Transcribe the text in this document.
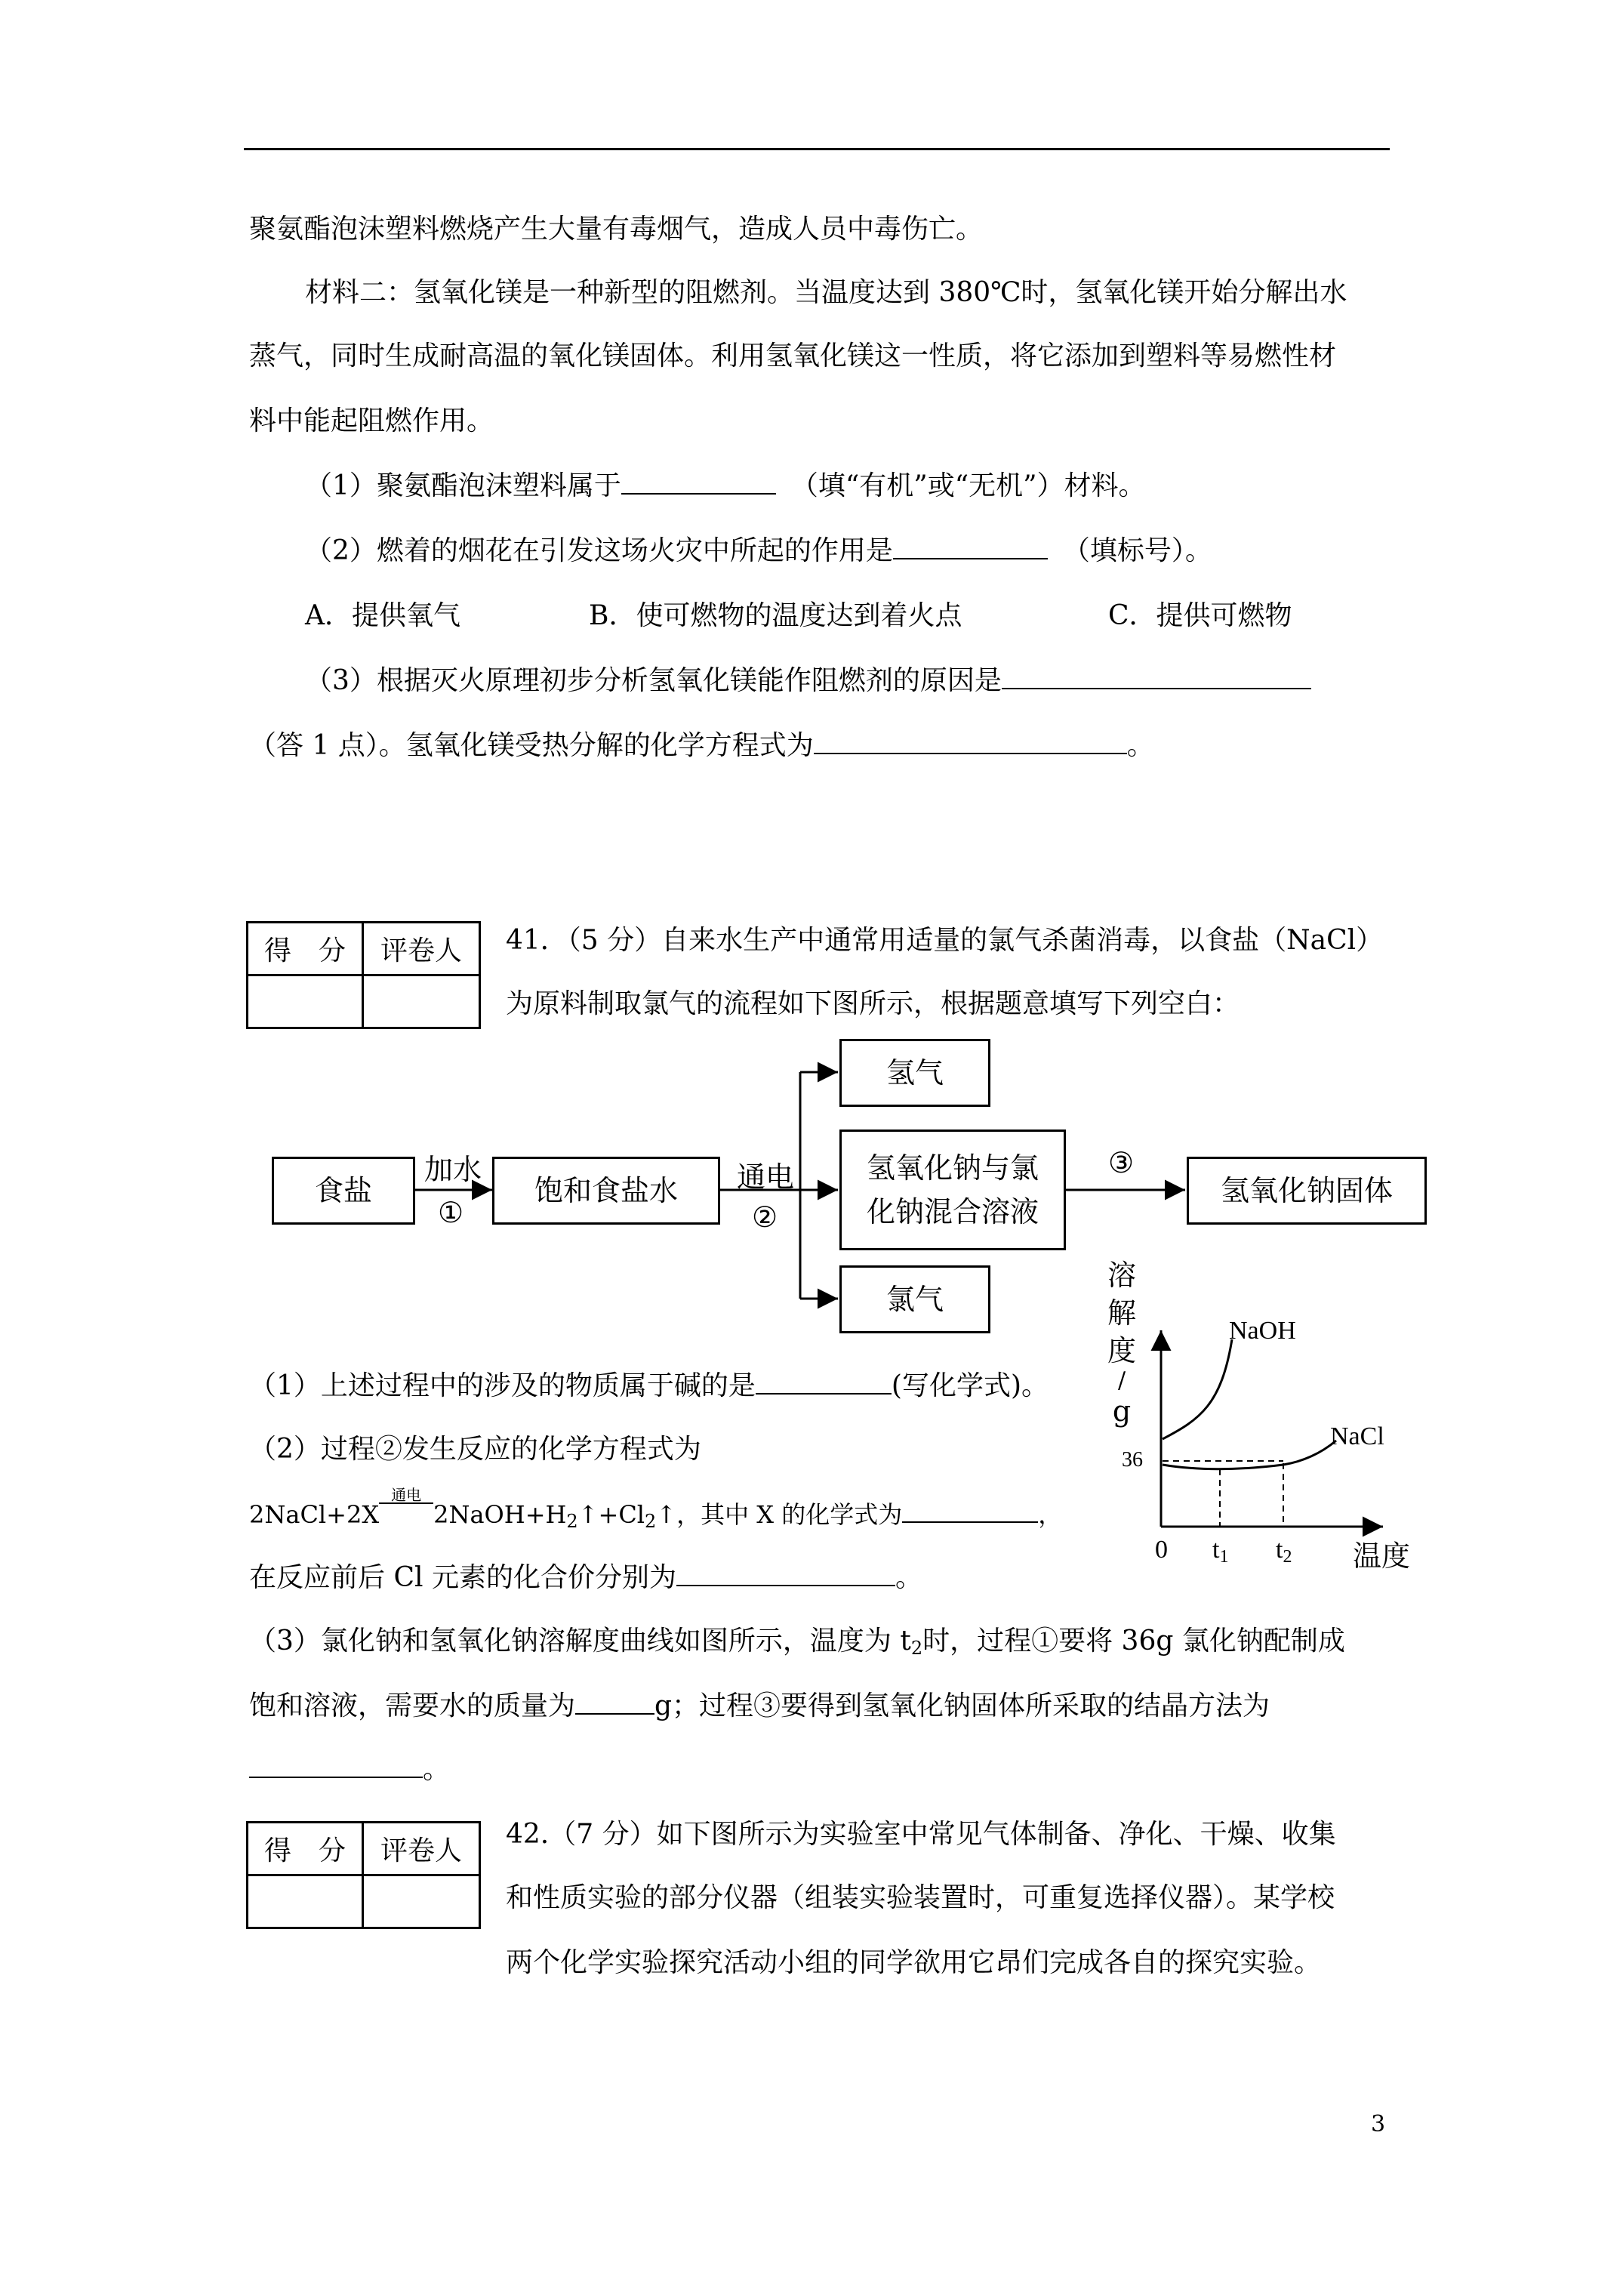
聚氨酯泡沫塑料燃烧产生大量有毒烟气，造成人员中毒伤亡。
材料二：氢氧化镁是一种新型的阻燃剂。当温度达到 380℃时，氢氧化镁开始分解出水
蒸气，同时生成耐高温的氧化镁固体。利用氢氧化镁这一性质，将它添加到塑料等易燃性材
料中能起阻燃作用。
（1）聚氨酯泡沫塑料属于	（填“有机”或“无机”）材料。
（2）燃着的烟花在引发这场火灾中所起的作用是	（填标号）。
A．提供氧气	B．使可燃物的温度达到着火点	C．提供可燃物
（3）根据灭火原理初步分析氢氧化镁能作阻燃剂的原因是
（答 1 点）。氢氧化镁受热分解的化学方程式为	。
得　分	评卷人
	41．（5 分）自来水生产中通常用适量的氯气杀菌消毒，以食盐（NaCl）
为原料制取氯气的流程如下图所示，根据题意填写下列空白：
食盐	饱和食盐水
氢气
氢氧化钠与氯
化钠混合溶液
氯气
氢氧化钠固体
加水
①
通电
②
③
溶
解
度
/
g
NaOH
NaCl
36
0 $t_1$ $t_2$ 温度
（1）上述过程中的涉及的物质属于碱的是	(写化学式)。
（2）过程②发生反应的化学方程式为
2NaCl+2X
通电
$2NaOH+H_2↑+Cl_2↑$，其中 X 的化学式为	，
在反应前后 Cl 元素的化合价分别为	。
（3）氯化钠和氢氧化钠溶解度曲线如图所示，温度为 $t_2$时，过程①要将 36g 氯化钠配制成
饱和溶液，需要水的质量为	g；过程③要得到氢氧化钠固体所采取的结晶方法为
。
得　分	评卷人

42.（7 分）如下图所示为实验室中常见气体制备、净化、干燥、收集
和性质实验的部分仪器（组装实验装置时，可重复选择仪器）。某学校
两个化学实验探究活动小组的同学欲用它昂们完成各自的探究实验。
3
